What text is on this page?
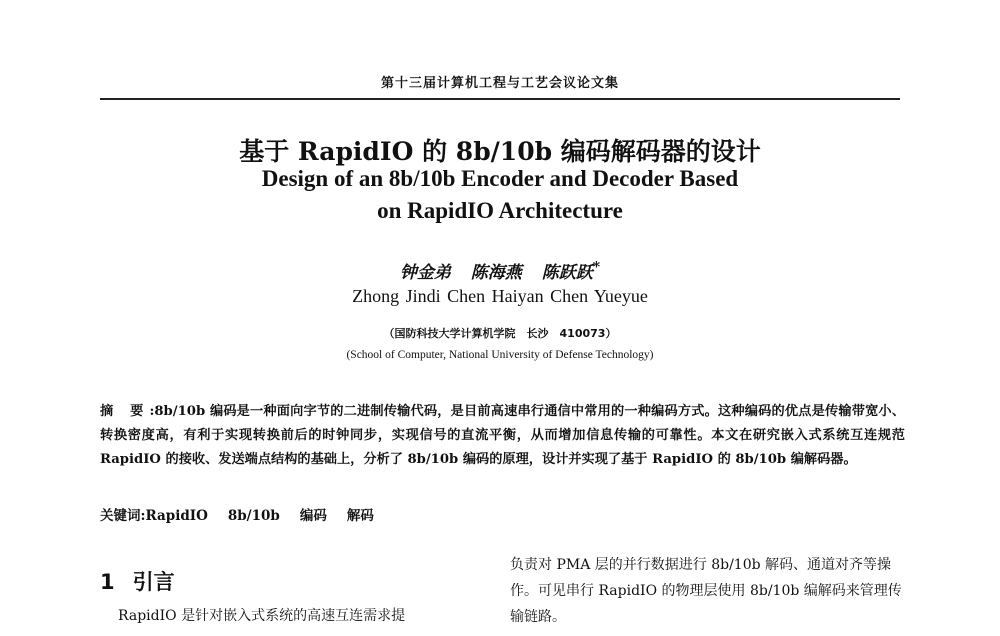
第十三届计算机工程与工艺会议论文集
基于 RapidIO 的 8b/10b 编码解码器的设计
Design of an 8b/10b Encoder and Decoder Based
on RapidIO Architecture
钟金弟 陈海燕 陈跃跃*
Zhong Jindi Chen Haiyan Chen Yueyue
（国防科技大学计算机学院　长沙　410073）
(School of Computer, National University of Defense Technology)
摘 要:8b/10b 编码是一种面向字节的二进制传输代码，是目前高速串行通信中常用的一种编码方式。这种编码的优点是传输带宽小、转换密度高，有利于实现转换前后的时钟同步，实现信号的直流平衡，从而增加信息传输的可靠性。本文在研究嵌入式系统互连规范 RapidIO 的接收、发送端点结构的基础上，分析了 8b/10b 编码的原理，设计并实现了基于 RapidIO 的 8b/10b 编解码器。
关键词:RapidIO 8b/10b 编码 解码
1 引言
RapidIO 是针对嵌入式系统的高速互连需求提
负责对 PMA 层的并行数据进行 8b/10b 解码、通道对齐等操作。可见串行 RapidIO 的物理层使用 8b/10b 编解码来管理传输链路。
